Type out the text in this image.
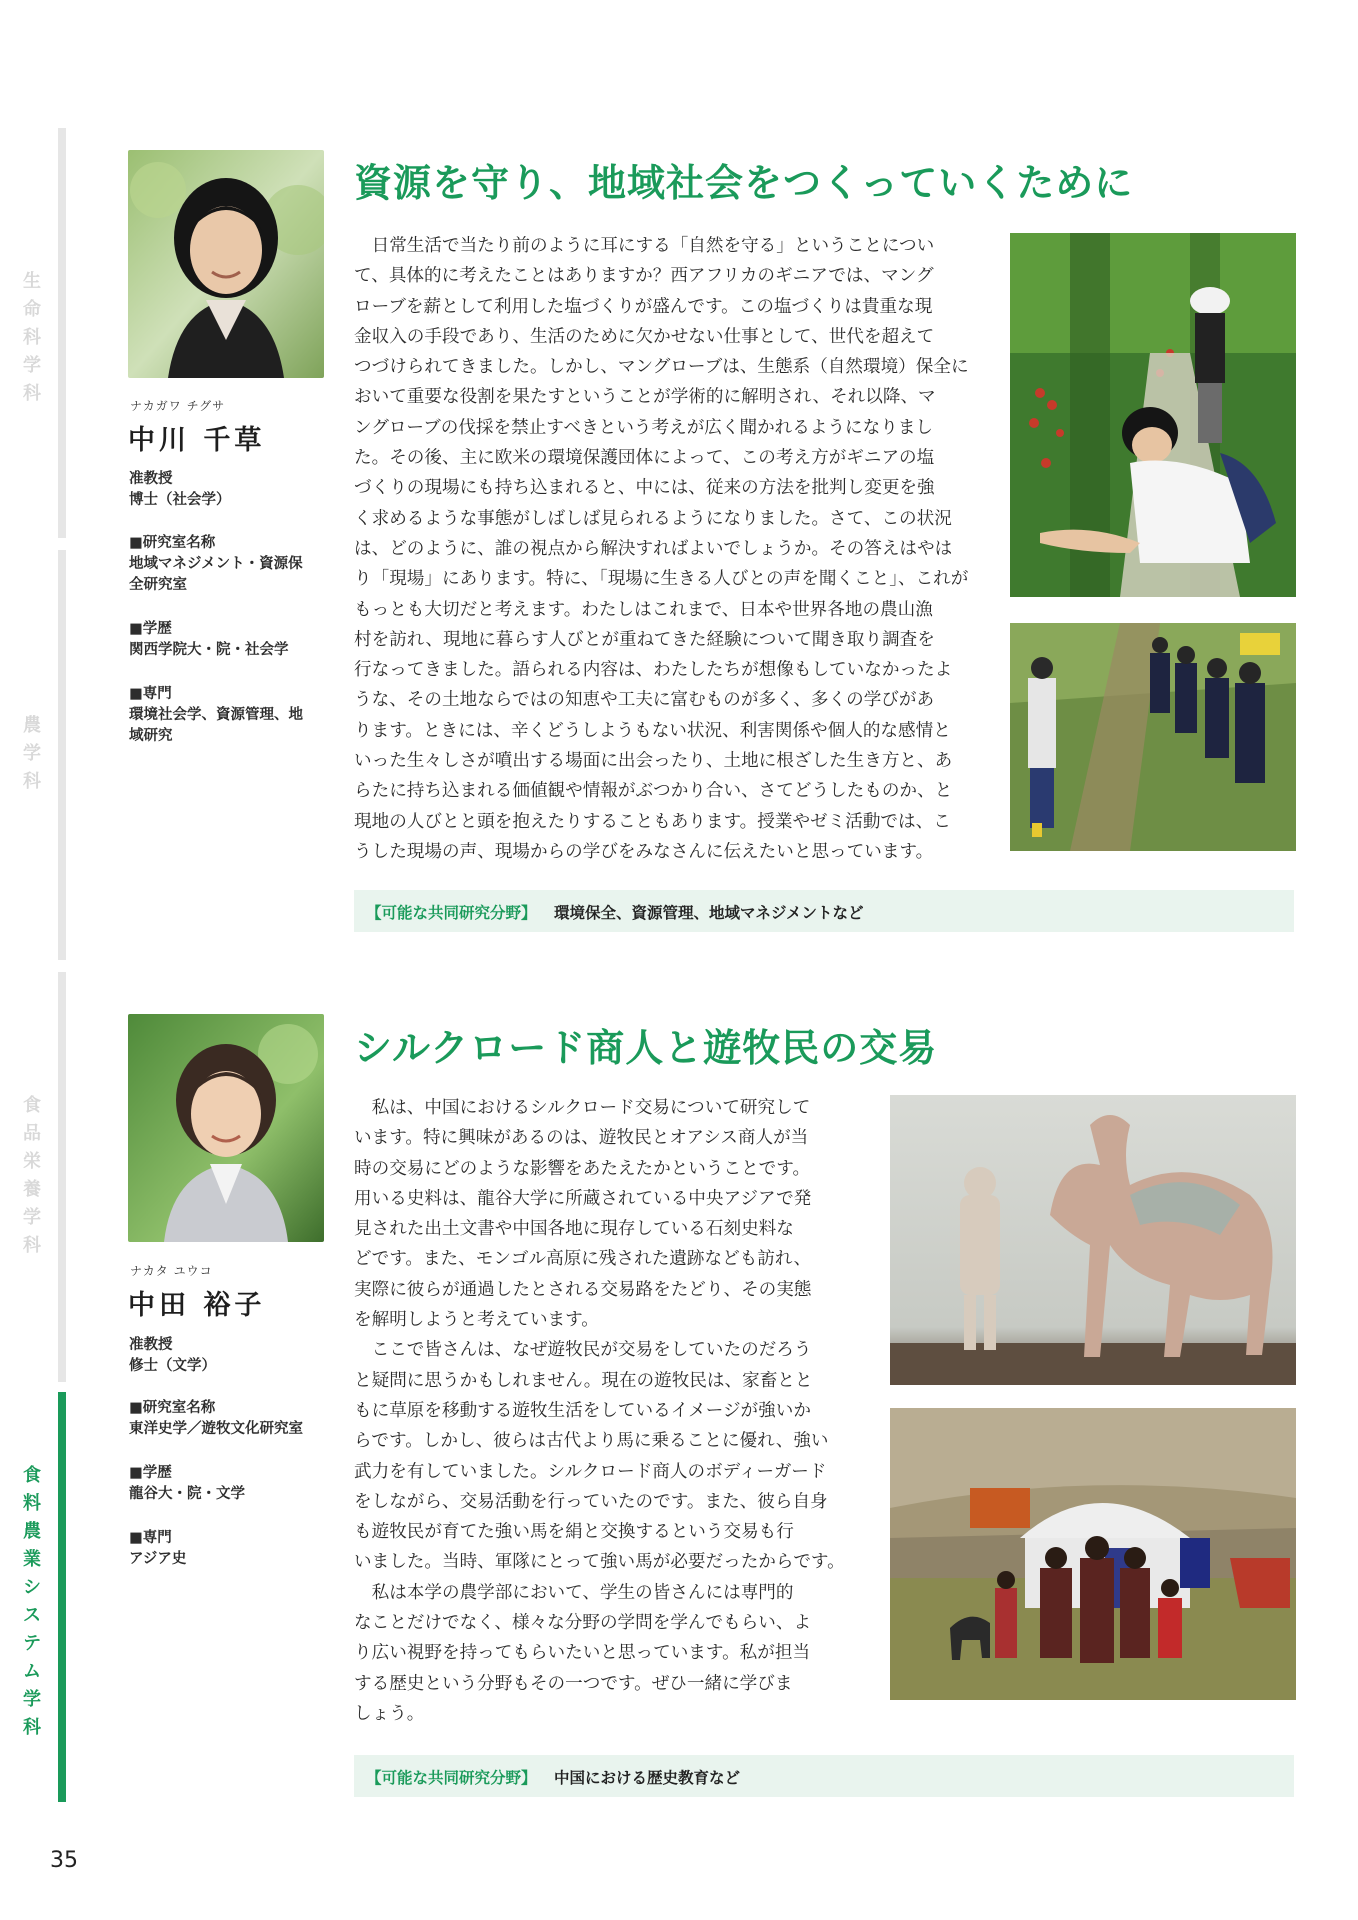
生
命
科
学
科
農
学
科
食
品
栄
養
学
科
食
料
農
業
シ
ス
テ
ム
学
科
ナカガワ チグサ
中川 千草
准教授
博士（社会学）
■研究室名称
地域マネジメント・資源保
全研究室
■学歴
関西学院大・院・社会学
■専門
環境社会学、資源管理、地
域研究
資源を守り、地域社会をつくっていくために
　日常生活で当たり前のように耳にする「自然を守る」ということについ
て、具体的に考えたことはありますか？西アフリカのギニアでは、マング
ローブを薪として利用した塩づくりが盛んです。この塩づくりは貴重な現
金収入の手段であり、生活のために欠かせない仕事として、世代を超えて
つづけられてきました。しかし、マングローブは、生態系（自然環境）保全に
おいて重要な役割を果たすということが学術的に解明され、それ以降、マ
ングローブの伐採を禁止すべきという考えが広く聞かれるようになりまし
た。その後、主に欧米の環境保護団体によって、この考え方がギニアの塩
づくりの現場にも持ち込まれると、中には、従来の方法を批判し変更を強
く求めるような事態がしばしば見られるようになりました。さて、この状況
は、どのように、誰の視点から解決すればよいでしょうか。その答えはやは
り「現場」にあります。特に、「現場に生きる人びとの声を聞くこと」、これが
もっとも大切だと考えます。わたしはこれまで、日本や世界各地の農山漁
村を訪れ、現地に暮らす人びとが重ねてきた経験について聞き取り調査を
行なってきました。語られる内容は、わたしたちが想像もしていなかったよ
うな、その土地ならではの知恵や工夫に富むものが多く、多くの学びがあ
ります。ときには、辛くどうしようもない状況、利害関係や個人的な感情と
いった生々しさが噴出する場面に出会ったり、土地に根ざした生き方と、あ
らたに持ち込まれる価値観や情報がぶつかり合い、さてどうしたものか、と
現地の人びとと頭を抱えたりすることもあります。授業やゼミ活動では、こ
うした現場の声、現場からの学びをみなさんに伝えたいと思っています。
【可能な共同研究分野】 環境保全、資源管理、地域マネジメントなど
ナカタ ユウコ
中田 裕子
准教授
修士（文学）
■研究室名称
東洋史学／遊牧文化研究室
■学歴
龍谷大・院・文学
■専門
アジア史
シルクロード商人と遊牧民の交易
　私は、中国におけるシルクロード交易について研究して
います。特に興味があるのは、遊牧民とオアシス商人が当
時の交易にどのような影響をあたえたかということです。
用いる史料は、龍谷大学に所蔵されている中央アジアで発
見された出土文書や中国各地に現存している石刻史料な
どです。また、モンゴル高原に残された遺跡なども訪れ、
実際に彼らが通過したとされる交易路をたどり、その実態
を解明しようと考えています。
　ここで皆さんは、なぜ遊牧民が交易をしていたのだろう
と疑問に思うかもしれません。現在の遊牧民は、家畜とと
もに草原を移動する遊牧生活をしているイメージが強いか
らです。しかし、彼らは古代より馬に乗ることに優れ、強い
武力を有していました。シルクロード商人のボディーガード
をしながら、交易活動を行っていたのです。また、彼ら自身
も遊牧民が育てた強い馬を絹と交換するという交易も行
いました。当時、軍隊にとって強い馬が必要だったからです。
　私は本学の農学部において、学生の皆さんには専門的
なことだけでなく、様々な分野の学問を学んでもらい、よ
り広い視野を持ってもらいたいと思っています。私が担当
する歴史という分野もその一つです。ぜひ一緒に学びま
しょう。
【可能な共同研究分野】 中国における歴史教育など
35
